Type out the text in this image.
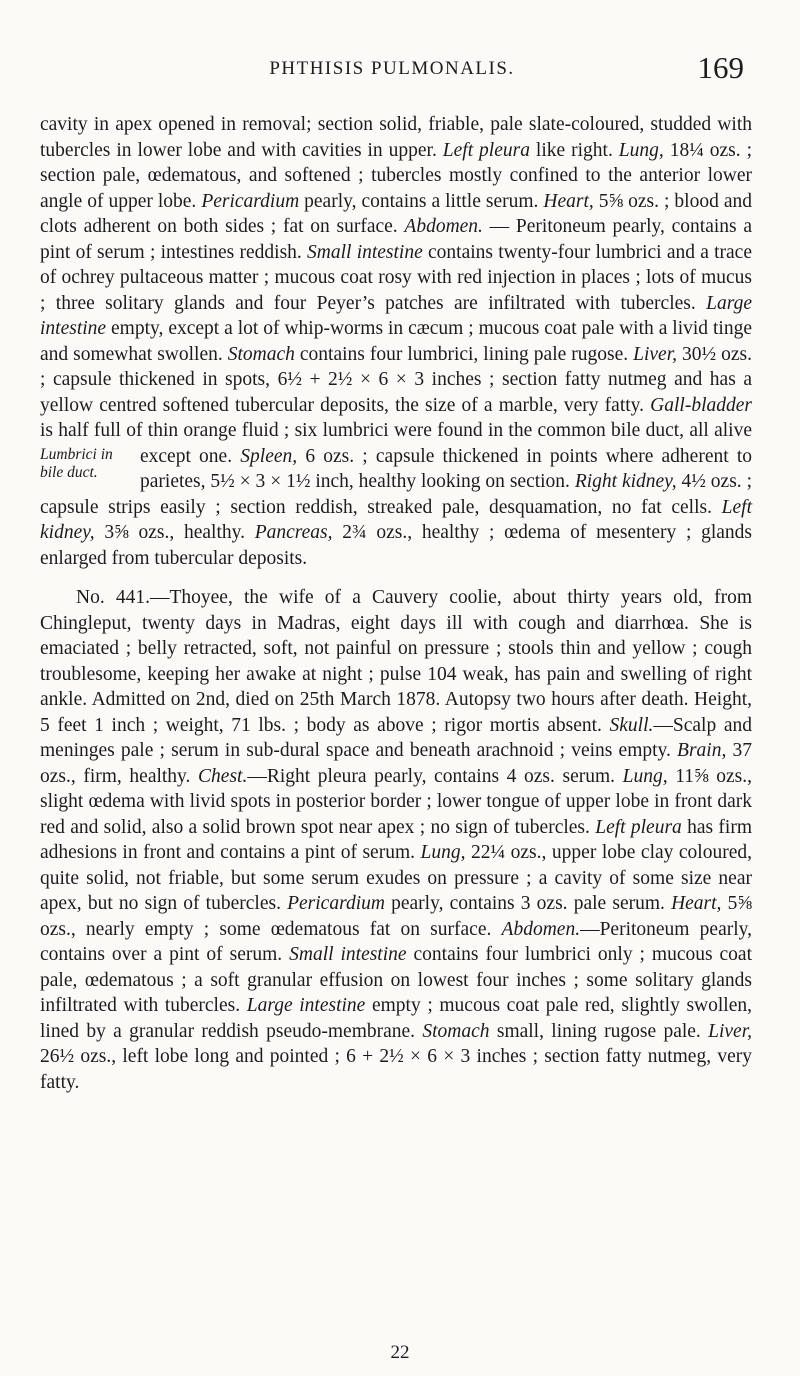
PHTHISIS PULMONALIS.	169

cavity in apex opened in removal; section solid, friable, pale slate-coloured, studded with tubercles in lower lobe and with cavities in upper. Left pleura like right. Lung, 18¼ ozs. ; section pale, œdematous, and softened ; tubercles mostly confined to the anterior lower angle of upper lobe. Pericardium pearly, contains a little serum. Heart, 5⅝ ozs. ; blood and clots adherent on both sides ; fat on surface. Abdomen. — Peritoneum pearly, contains a pint of serum ; intestines reddish. Small intestine contains twenty-four lumbrici and a trace of ochrey pultaceous matter ; mucous coat rosy with red injection in places ; lots of mucus ; three solitary glands and four Peyer’s patches are infiltrated with tubercles. Large intestine empty, except a lot of whip-worms in cæcum ; mucous coat pale with a livid tinge and somewhat swollen. Stomach contains four lumbrici, lining pale rugose. Liver, 30½ ozs. ; capsule thickened in spots, 6½ + 2½ × 6 × 3 inches ; section fatty nutmeg and has a yellow centred softened tubercular deposits, the size of a marble, very fatty. Gall-bladder is half full of thin orange fluid ; six lumbrici were found in the common bile duct, all alive except one.
Lumbrici in bile duct.
Spleen, 6 ozs. ; capsule thickened in points where adherent to parietes, 5½ × 3 × 1½ inch, healthy looking on section. Right kidney, 4½ ozs. ; capsule strips easily ; section reddish, streaked pale, desquamation, no fat cells. Left kidney, 3⅝ ozs., healthy. Pancreas, 2¾ ozs., healthy ; œdema of mesentery ; glands enlarged from tubercular deposits.

No. 441.—Thoyee, the wife of a Cauvery coolie, about thirty years old, from Chingleput, twenty days in Madras, eight days ill with cough and diarrhœa. She is emaciated ; belly retracted, soft, not painful on pressure ; stools thin and yellow ; cough troublesome, keeping her awake at night ; pulse 104 weak, has pain and swelling of right ankle. Admitted on 2nd, died on 25th March 1878. Autopsy two hours after death. Height, 5 feet 1 inch ; weight, 71 lbs. ; body as above ; rigor mortis absent. Skull.—Scalp and meninges pale ; serum in sub-dural space and beneath arachnoid ; veins empty. Brain, 37 ozs., firm, healthy. Chest.—Right pleura pearly, contains 4 ozs. serum. Lung, 11⅝ ozs., slight œdema with livid spots in posterior border ; lower tongue of upper lobe in front dark red and solid, also a solid brown spot near apex ; no sign of tubercles. Left pleura has firm adhesions in front and contains a pint of serum. Lung, 22¼ ozs., upper lobe clay coloured, quite solid, not friable, but some serum exudes on pressure ; a cavity of some size near apex, but no sign of tubercles. Pericardium pearly, contains 3 ozs. pale serum. Heart, 5⅝ ozs., nearly empty ; some œdematous fat on surface. Abdomen.—Peritoneum pearly, contains over a pint of serum. Small intestine contains four lumbrici only ; mucous coat pale, œdematous ; a soft granular effusion on lowest four inches ; some solitary glands infiltrated with tubercles. Large intestine empty ; mucous coat pale red, slightly swollen, lined by a granular reddish pseudo-membrane. Stomach small, lining rugose pale. Liver, 26½ ozs., left lobe long and pointed ; 6 + 2½ × 6 × 3 inches ; section fatty nutmeg, very fatty.

22
